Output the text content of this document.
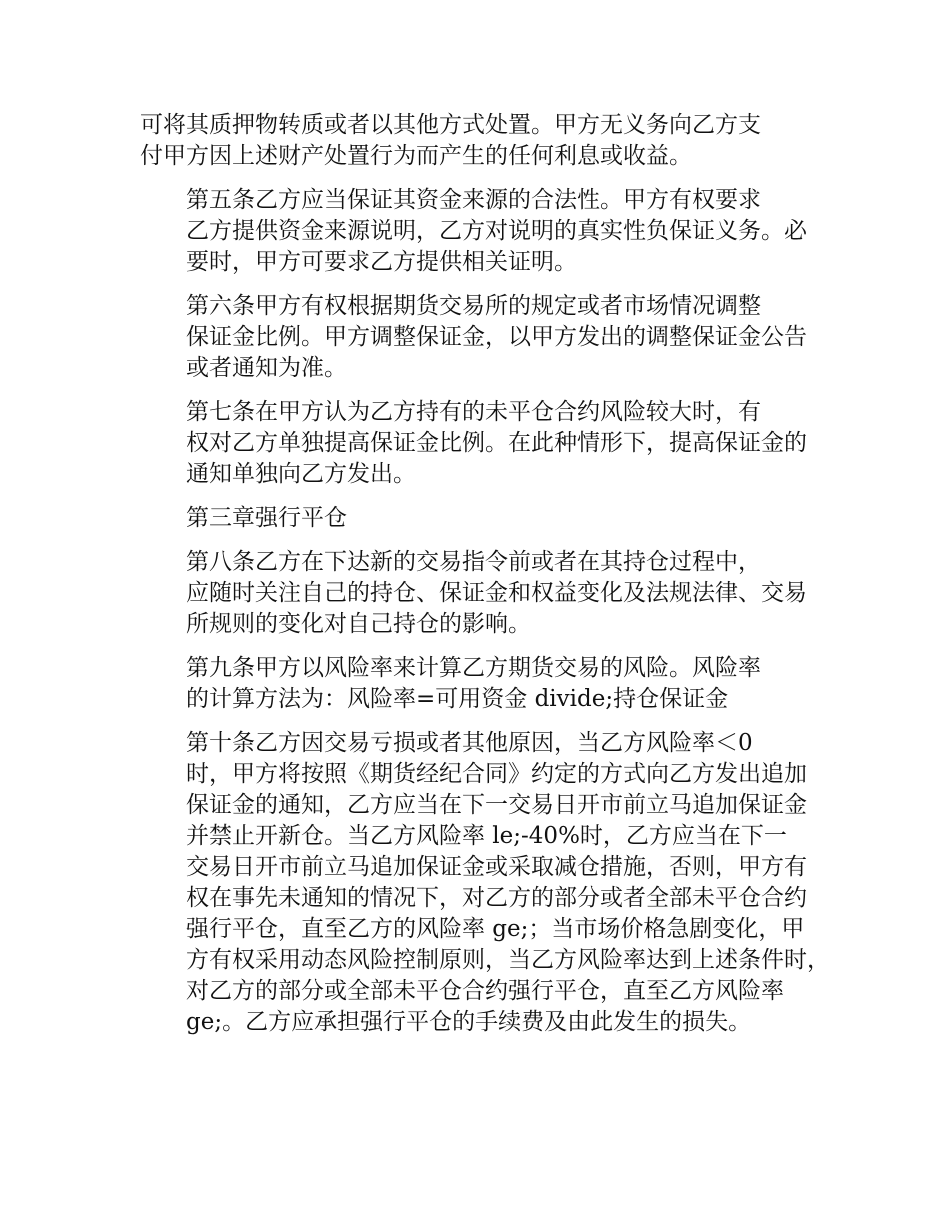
可将其质押物转质或者以其他方式处置。甲方无义务向乙方支
付甲方因上述财产处置行为而产生的任何利息或收益。

第五条乙方应当保证其资金来源的合法性。甲方有权要求
乙方提供资金来源说明，乙方对说明的真实性负保证义务。必
要时，甲方可要求乙方提供相关证明。

第六条甲方有权根据期货交易所的规定或者市场情况调整
保证金比例。甲方调整保证金，以甲方发出的调整保证金公告
或者通知为准。

第七条在甲方认为乙方持有的未平仓合约风险较大时，有
权对乙方单独提高保证金比例。在此种情形下，提高保证金的
通知单独向乙方发出。

第三章强行平仓

第八条乙方在下达新的交易指令前或者在其持仓过程中，
应随时关注自己的持仓、保证金和权益变化及法规法律、交易
所规则的变化对自己持仓的影响。

第九条甲方以风险率来计算乙方期货交易的风险。风险率
的计算方法为：风险率=可用资金 divide;持仓保证金

第十条乙方因交易亏损或者其他原因，当乙方风险率＜0
时，甲方将按照《期货经纪合同》约定的方式向乙方发出追加
保证金的通知，乙方应当在下一交易日开市前立马追加保证金
并禁止开新仓。当乙方风险率 le;-40%时，乙方应当在下一
交易日开市前立马追加保证金或采取减仓措施，否则，甲方有
权在事先未通知的情况下，对乙方的部分或者全部未平仓合约
强行平仓，直至乙方的风险率 ge;；当市场价格急剧变化，甲
方有权采用动态风险控制原则，当乙方风险率达到上述条件时，
对乙方的部分或全部未平仓合约强行平仓，直至乙方风险率
ge;。乙方应承担强行平仓的手续费及由此发生的损失。
